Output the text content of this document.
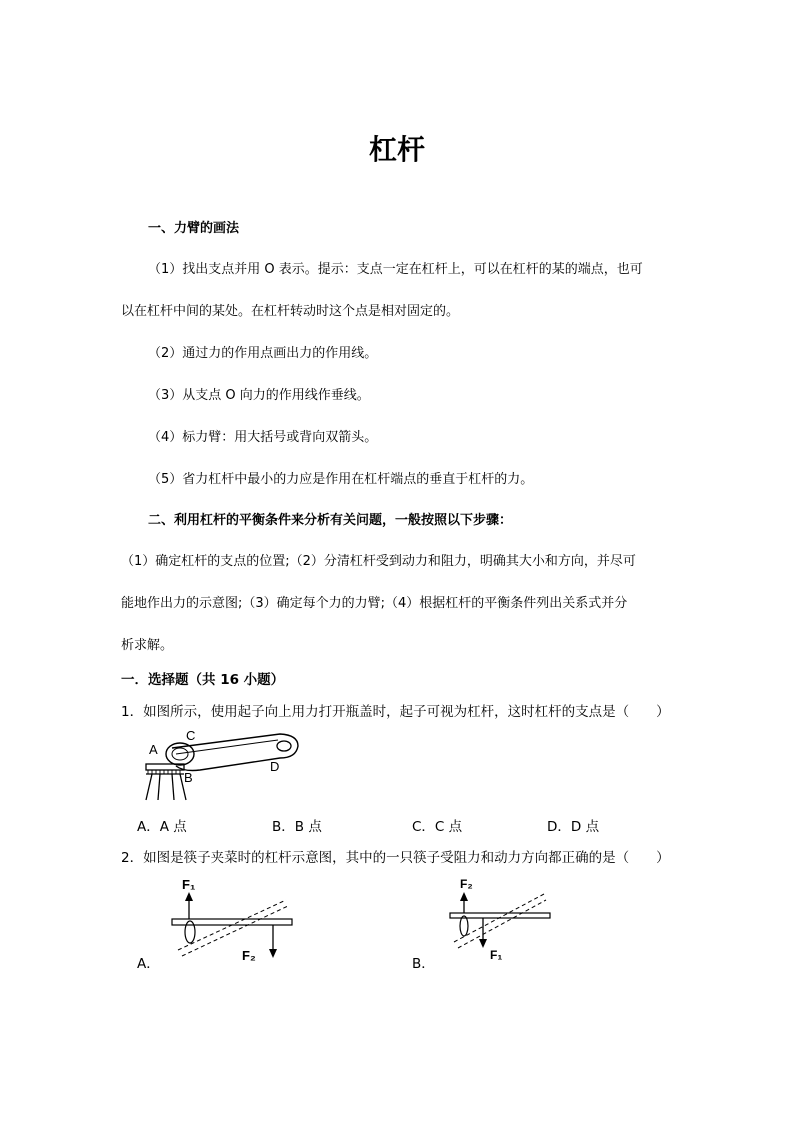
杠杆
一、力臂的画法
（1）找出支点并用 O 表示。提示：支点一定在杠杆上，可以在杠杆的某的端点，也可
以在杠杆中间的某处。在杠杆转动时这个点是相对固定的。
（2）通过力的作用点画出力的作用线。
（3）从支点 O 向力的作用线作垂线。
（4）标力臂：用大括号或背向双箭头。
（5）省力杠杆中最小的力应是作用在杠杆端点的垂直于杠杆的力。
二、利用杠杆的平衡条件来分析有关问题，一般按照以下步骤：
（1）确定杠杆的支点的位置;（2）分清杠杆受到动力和阻力，明确其大小和方向，并尽可
能地作出力的示意图;（3）确定每个力的力臂;（4）根据杠杆的平衡条件列出关系式并分
析求解。
一．选择题（共 16 小题）
1．如图所示，使用起子向上用力打开瓶盖时，起子可视为杠杆，这时杠杆的支点是（　　）
A
C
B
D
A．A 点	B．B 点	C．C 点	D．D 点
2．如图是筷子夹菜时的杠杆示意图，其中的一只筷子受阻力和动力方向都正确的是（　　）
F₁
F₂
A．
F₂
F₁
B．
